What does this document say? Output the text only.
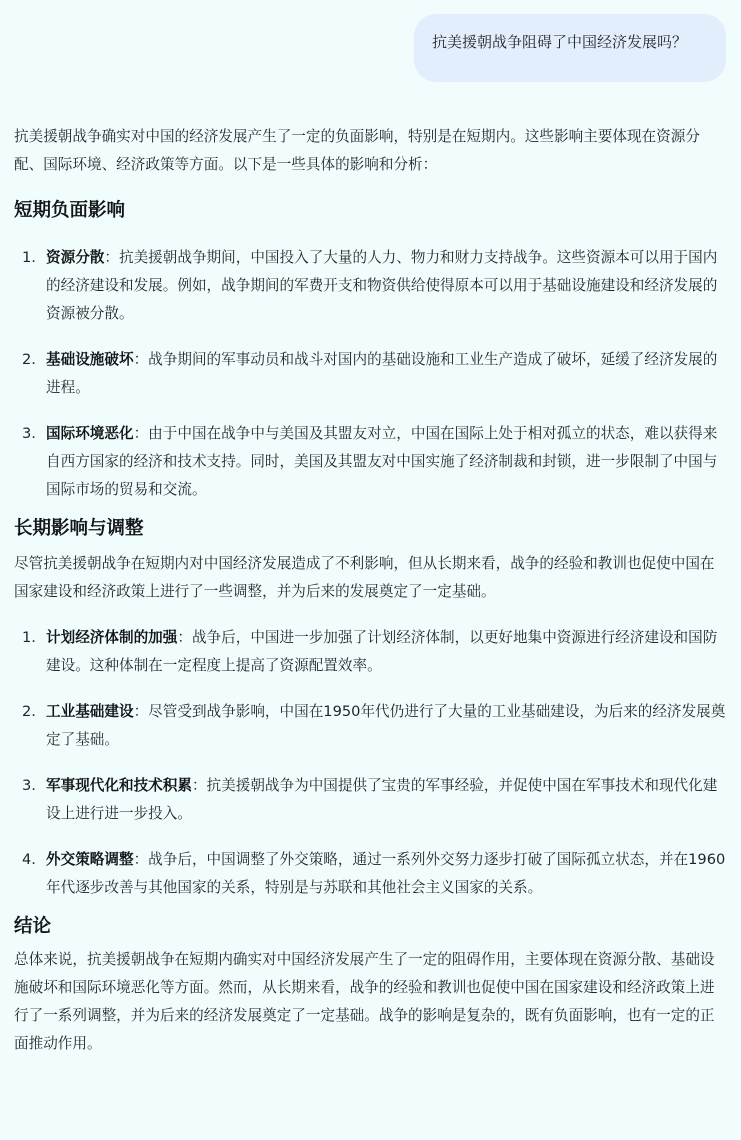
抗美援朝战争阻碍了中国经济发展吗？

抗美援朝战争确实对中国的经济发展产生了一定的负面影响，特别是在短期内。这些影响主要体现在资源分配、国际环境、经济政策等方面。以下是一些具体的影响和分析：

短期负面影响
1. 资源分散：抗美援朝战争期间，中国投入了大量的人力、物力和财力支持战争。这些资源本可以用于国内的经济建设和发展。例如，战争期间的军费开支和物资供给使得原本可以用于基础设施建设和经济发展的资源被分散。
2. 基础设施破坏：战争期间的军事动员和战斗对国内的基础设施和工业生产造成了破坏，延缓了经济发展的进程。
3. 国际环境恶化：由于中国在战争中与美国及其盟友对立，中国在国际上处于相对孤立的状态，难以获得来自西方国家的经济和技术支持。同时，美国及其盟友对中国实施了经济制裁和封锁，进一步限制了中国与国际市场的贸易和交流。
长期影响与调整

尽管抗美援朝战争在短期内对中国经济发展造成了不利影响，但从长期来看，战争的经验和教训也促使中国在国家建设和经济政策上进行了一些调整，并为后来的发展奠定了一定基础。

1. 计划经济体制的加强：战争后，中国进一步加强了计划经济体制，以更好地集中资源进行经济建设和国防建设。这种体制在一定程度上提高了资源配置效率。
2. 工业基础建设：尽管受到战争影响，中国在1950年代仍进行了大量的工业基础建设，为后来的经济发展奠定了基础。
3. 军事现代化和技术积累：抗美援朝战争为中国提供了宝贵的军事经验，并促使中国在军事技术和现代化建设上进行进一步投入。
4. 外交策略调整：战争后，中国调整了外交策略，通过一系列外交努力逐步打破了国际孤立状态，并在1960年代逐步改善与其他国家的关系，特别是与苏联和其他社会主义国家的关系。
结论

总体来说，抗美援朝战争在短期内确实对中国经济发展产生了一定的阻碍作用，主要体现在资源分散、基础设施破坏和国际环境恶化等方面。然而，从长期来看，战争的经验和教训也促使中国在国家建设和经济政策上进行了一系列调整，并为后来的经济发展奠定了一定基础。战争的影响是复杂的，既有负面影响，也有一定的正面推动作用。
